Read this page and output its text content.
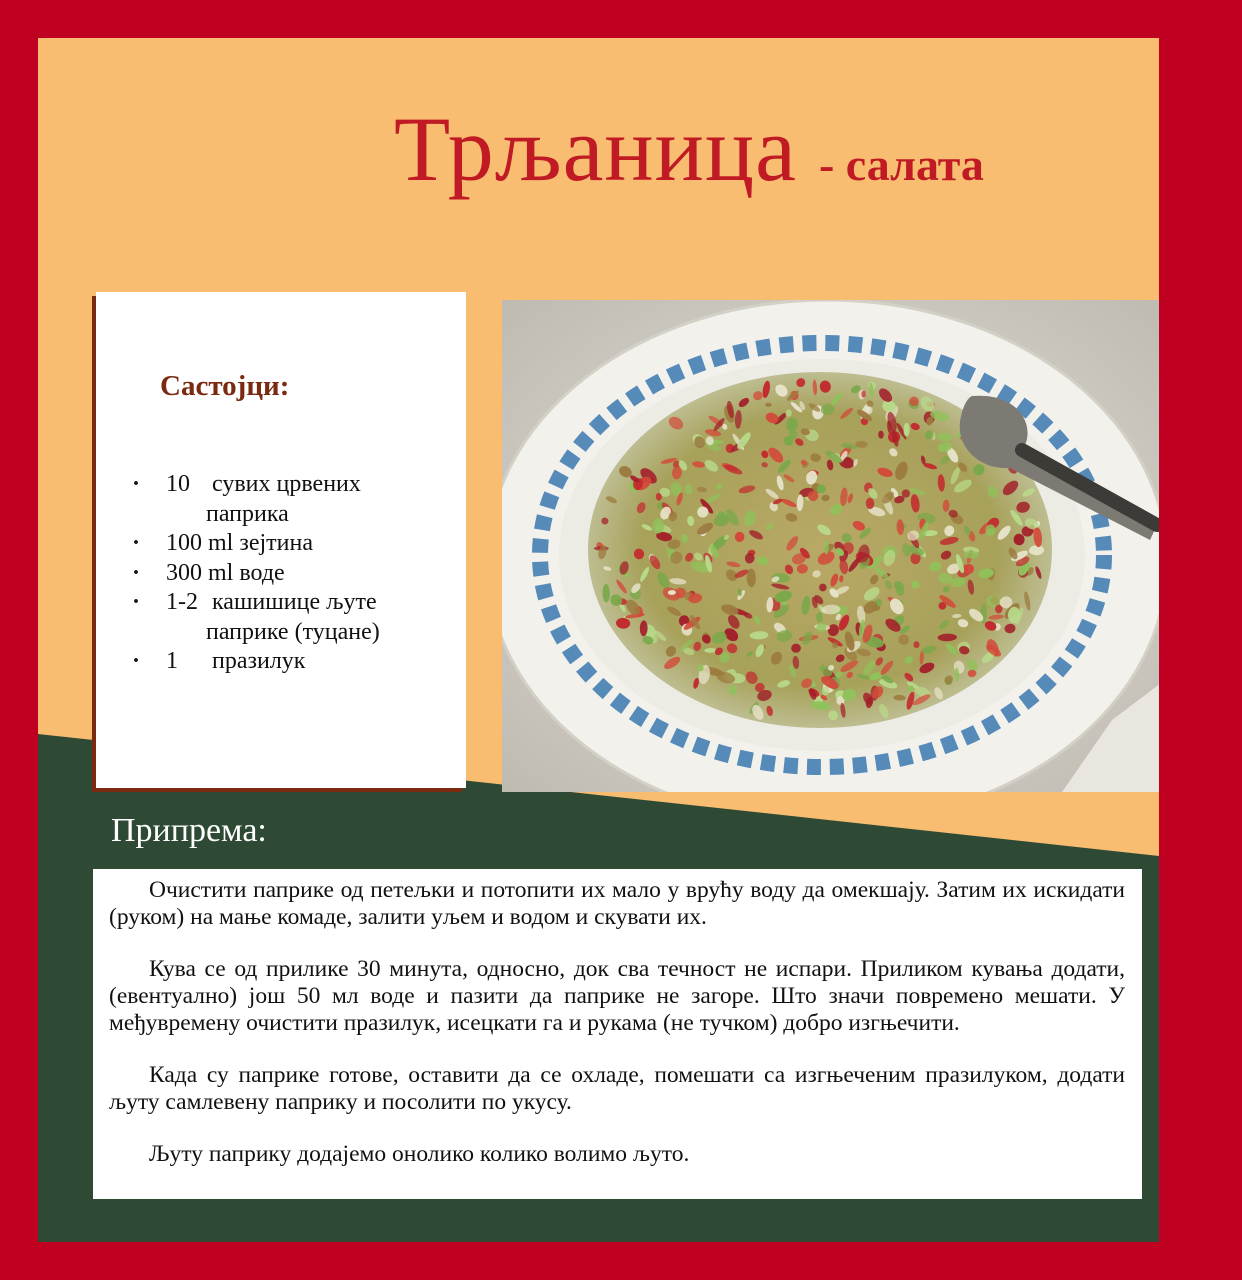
Трљаница - салата
Састојци:
· 10 сувих црвених
паприка
· 100 ml зејтина
· 300 ml воде
· 1-2 кашишице љуте
паприке (туцане)
· 1 празилук
Припрема:

Очистити паприке од петељки и потопити их мало у врућу воду да омекшају. Затим их искидати (руком) на мање комаде, залити уљем и водом и скувати их.

Кува се од прилике 30 минута, односно, док сва течност не испари. Приликом кувања додати, (евентуално) још 50 мл воде и пазити да паприке не загоре. Што значи повремено мешати. У међувремену очистити празилук, исецкати га и рукама (не тучком) добро изгњечити.

Када су паприке готове, оставити да се охладе, помешати са изгњеченим празилуком, додати љуту самлевену паприку и посолити по укусу.

Љуту паприку додајемо онолико колико волимо љуто.
